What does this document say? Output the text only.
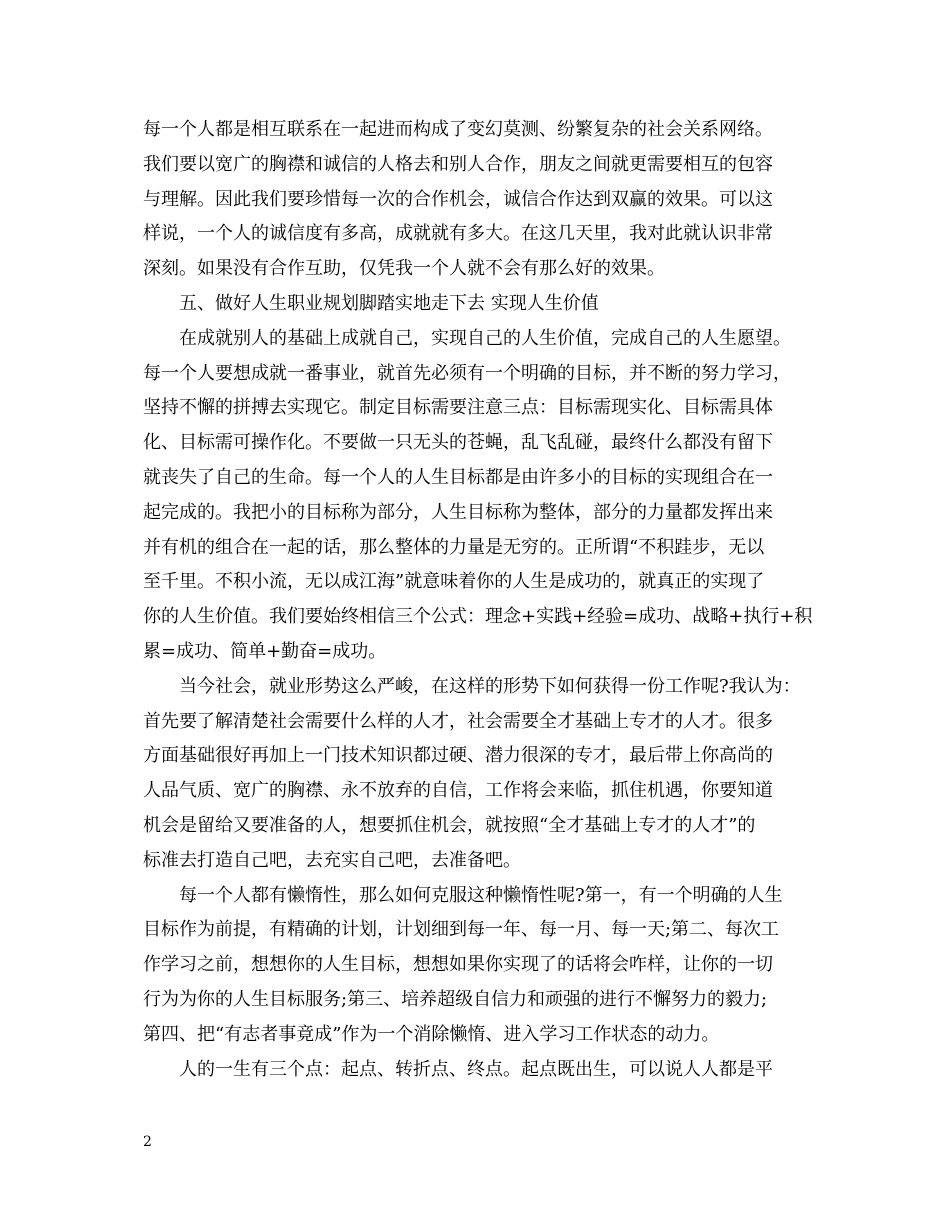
每一个人都是相互联系在一起进而构成了变幻莫测、纷繁复杂的社会关系网络。
我们要以宽广的胸襟和诚信的人格去和别人合作，朋友之间就更需要相互的包容
与理解。因此我们要珍惜每一次的合作机会，诚信合作达到双赢的效果。可以这
样说，一个人的诚信度有多高，成就就有多大。在这几天里，我对此就认识非常
深刻。如果没有合作互助，仅凭我一个人就不会有那么好的效果。
五、做好人生职业规划脚踏实地走下去 实现人生价值
在成就别人的基础上成就自己，实现自己的人生价值，完成自己的人生愿望。
每一个人要想成就一番事业，就首先必须有一个明确的目标，并不断的努力学习，
坚持不懈的拼搏去实现它。制定目标需要注意三点：目标需现实化、目标需具体
化、目标需可操作化。不要做一只无头的苍蝇，乱飞乱碰，最终什么都没有留下
就丧失了自己的生命。每一个人的人生目标都是由许多小的目标的实现组合在一
起完成的。我把小的目标称为部分，人生目标称为整体，部分的力量都发挥出来
并有机的组合在一起的话，那么整体的力量是无穷的。正所谓“不积跬步，无以
至千里。不积小流，无以成江海”就意味着你的人生是成功的，就真正的实现了
你的人生价值。我们要始终相信三个公式：理念+实践+经验=成功、战略+执行+积
累=成功、简单+勤奋=成功。
当今社会，就业形势这么严峻，在这样的形势下如何获得一份工作呢?我认为：
首先要了解清楚社会需要什么样的人才，社会需要全才基础上专才的人才。很多
方面基础很好再加上一门技术知识都过硬、潜力很深的专才，最后带上你高尚的
人品气质、宽广的胸襟、永不放弃的自信，工作将会来临，抓住机遇，你要知道
机会是留给又要准备的人，想要抓住机会，就按照“全才基础上专才的人才”的
标准去打造自己吧，去充实自己吧，去准备吧。
每一个人都有懒惰性，那么如何克服这种懒惰性呢?第一，有一个明确的人生
目标作为前提，有精确的计划，计划细到每一年、每一月、每一天;第二、每次工
作学习之前，想想你的人生目标，想想如果你实现了的话将会咋样，让你的一切
行为为你的人生目标服务;第三、培养超级自信力和顽强的进行不懈努力的毅力;
第四、把“有志者事竟成”作为一个消除懒惰、进入学习工作状态的动力。
人的一生有三个点：起点、转折点、终点。起点既出生，可以说人人都是平
2
